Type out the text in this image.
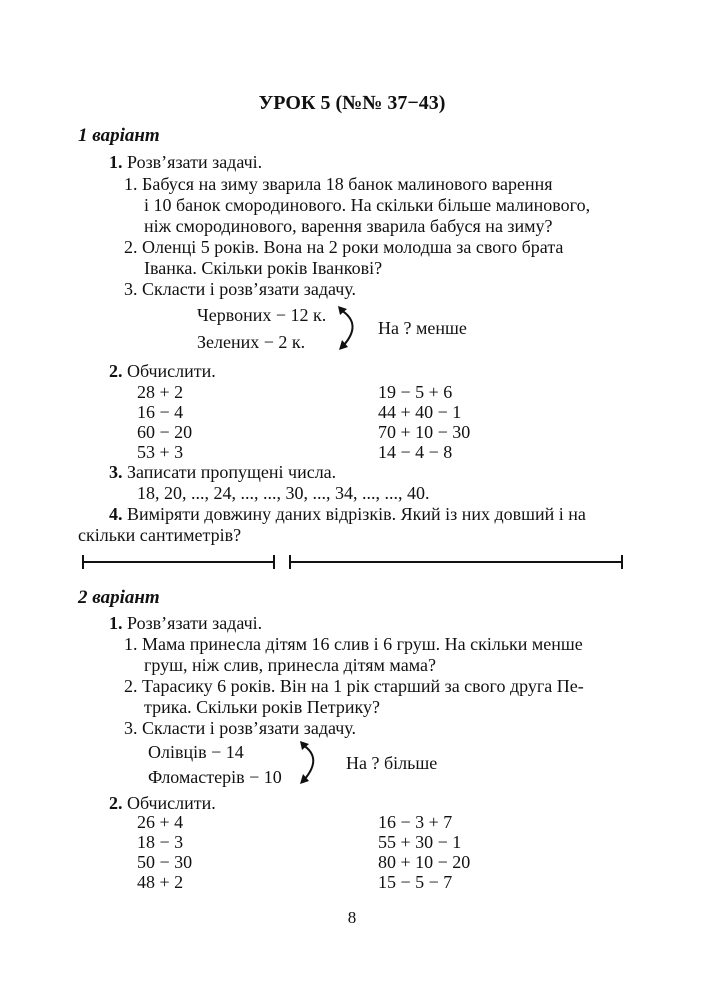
УРОК 5 (№№ 37−43)
1 варіант
1. Розв’язати задачі.
1. Бабуся на зиму зварила 18 банок малинового варення
і 10 банок смородинового. На скільки більше малинового,
ніж смородинового, варення зварила бабуся на зиму?
2. Оленці 5 років. Вона на 2 роки молодша за свого брата
Іванка. Скільки років Іванкові?
3. Скласти і розв’язати задачу.
Червоних − 12 к.
Зелених − 2 к.
На ? менше
2. Обчислити.
28 + 2
16 − 4
60 − 20
53 + 3
19 − 5 + 6
44 + 40 − 1
70 + 10 − 30
14 − 4 − 8
3. Записати пропущені числа.
18, 20, ..., 24, ..., ..., 30, ..., 34, ..., ..., 40.
4. Виміряти довжину даних відрізків. Який із них довший і на
скільки сантиметрів?
2 варіант
1. Розв’язати задачі.
1. Мама принесла дітям 16 слив і 6 груш. На скільки менше
груш, ніж слив, принесла дітям мама?
2. Тарасику 6 років. Він на 1 рік старший за свого друга Пе-
трика. Скільки років Петрику?
3. Скласти і розв’язати задачу.
Олівців − 14
Фломастерів − 10
На ? більше
2. Обчислити.
26 + 4
18 − 3
50 − 30
48 + 2
16 − 3 + 7
55 + 30 − 1
80 + 10 − 20
15 − 5 − 7
8
